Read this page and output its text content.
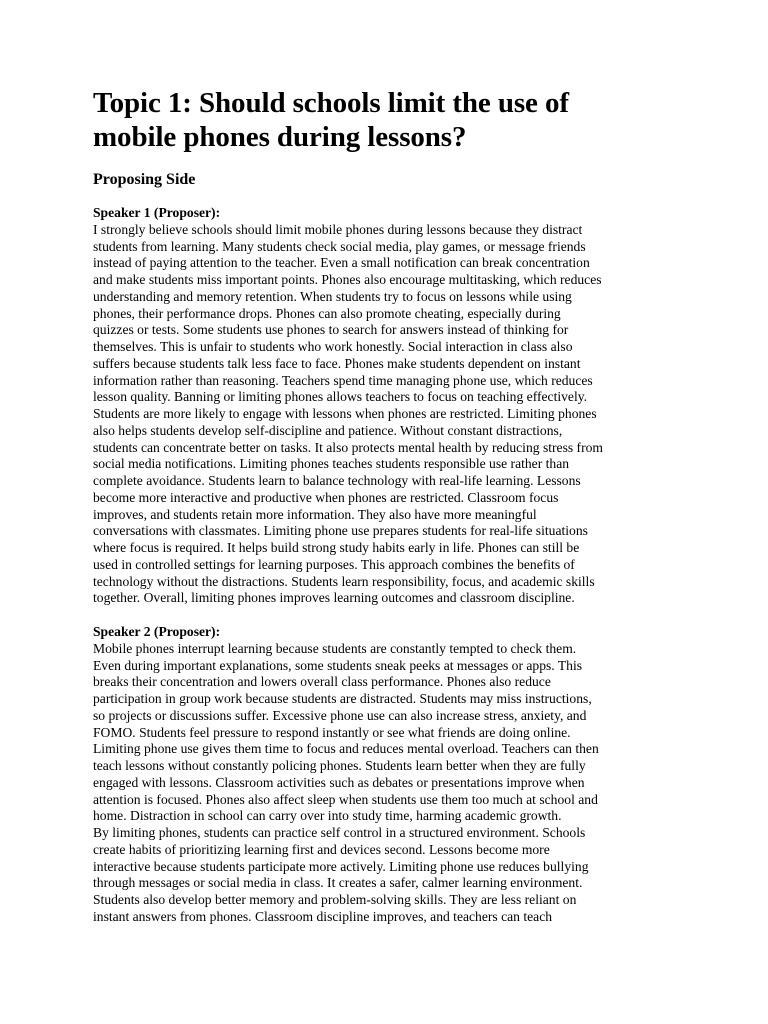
Topic 1: Should schools limit the use of
mobile phones during lessons?
Proposing Side

Speaker 1 (Proposer):

I strongly believe schools should limit mobile phones during lessons because they distract
students from learning. Many students check social media, play games, or message friends
instead of paying attention to the teacher. Even a small notification can break concentration
and make students miss important points. Phones also encourage multitasking, which reduces
understanding and memory retention. When students try to focus on lessons while using
phones, their performance drops. Phones can also promote cheating, especially during
quizzes or tests. Some students use phones to search for answers instead of thinking for
themselves. This is unfair to students who work honestly. Social interaction in class also
suffers because students talk less face to face. Phones make students dependent on instant
information rather than reasoning. Teachers spend time managing phone use, which reduces
lesson quality. Banning or limiting phones allows teachers to focus on teaching effectively.
Students are more likely to engage with lessons when phones are restricted. Limiting phones
also helps students develop self-discipline and patience. Without constant distractions,
students can concentrate better on tasks. It also protects mental health by reducing stress from
social media notifications. Limiting phones teaches students responsible use rather than
complete avoidance. Students learn to balance technology with real-life learning. Lessons
become more interactive and productive when phones are restricted. Classroom focus
improves, and students retain more information. They also have more meaningful
conversations with classmates. Limiting phone use prepares students for real-life situations
where focus is required. It helps build strong study habits early in life. Phones can still be
used in controlled settings for learning purposes. This approach combines the benefits of
technology without the distractions. Students learn responsibility, focus, and academic skills
together. Overall, limiting phones improves learning outcomes and classroom discipline.

Speaker 2 (Proposer):

Mobile phones interrupt learning because students are constantly tempted to check them.
Even during important explanations, some students sneak peeks at messages or apps. This
breaks their concentration and lowers overall class performance. Phones also reduce
participation in group work because students are distracted. Students may miss instructions,
so projects or discussions suffer. Excessive phone use can also increase stress, anxiety, and
FOMO. Students feel pressure to respond instantly or see what friends are doing online.
Limiting phone use gives them time to focus and reduces mental overload. Teachers can then
teach lessons without constantly policing phones. Students learn better when they are fully
engaged with lessons. Classroom activities such as debates or presentations improve when
attention is focused. Phones also affect sleep when students use them too much at school and
home. Distraction in school can carry over into study time, harming academic growth.
By limiting phones, students can practice self control in a structured environment. Schools
create habits of prioritizing learning first and devices second. Lessons become more
interactive because students participate more actively. Limiting phone use reduces bullying
through messages or social media in class. It creates a safer, calmer learning environment.
Students also develop better memory and problem-solving skills. They are less reliant on
instant answers from phones. Classroom discipline improves, and teachers can teach
